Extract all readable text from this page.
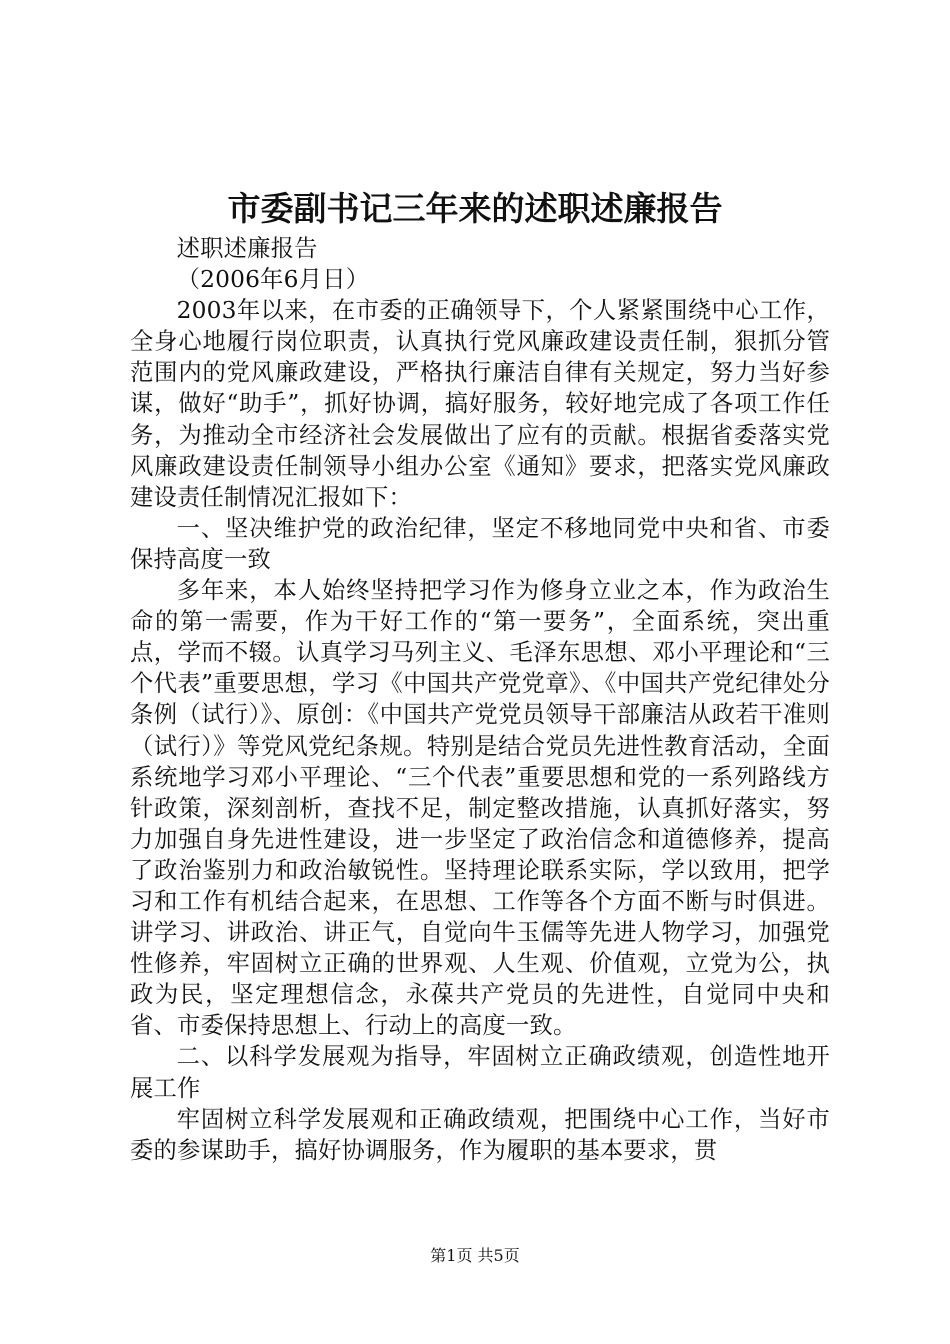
市委副书记三年来的述职述廉报告

述职述廉报告

（2006年6月日）

2003年以来，在市委的正确领导下，个人紧紧围绕中心工作，全身心地履行岗位职责，认真执行党风廉政建设责任制，狠抓分管范围内的党风廉政建设，严格执行廉洁自律有关规定，努力当好参谋，做好“助手”，抓好协调，搞好服务，较好地完成了各项工作任务，为推动全市经济社会发展做出了应有的贡献。根据省委落实党风廉政建设责任制领导小组办公室《通知》要求，把落实党风廉政建设责任制情况汇报如下：

一、坚决维护党的政治纪律，坚定不移地同党中央和省、市委保持高度一致

多年来，本人始终坚持把学习作为修身立业之本，作为政治生命的第一需要，作为干好工作的“第一要务”，全面系统，突出重点，学而不辍。认真学习马列主义、毛泽东思想、邓小平理论和“三个代表”重要思想，学习《中国共产党党章》、《中国共产党纪律处分条例（试行）》、原创：《中国共产党党员领导干部廉洁从政若干准则（试行）》等党风党纪条规。特别是结合党员先进性教育活动，全面系统地学习邓小平理论、“三个代表”重要思想和党的一系列路线方针政策，深刻剖析，查找不足，制定整改措施，认真抓好落实，努力加强自身先进性建设，进一步坚定了政治信念和道德修养，提高了政治鉴别力和政治敏锐性。坚持理论联系实际，学以致用，把学习和工作有机结合起来，在思想、工作等各个方面不断与时俱进。讲学习、讲政治、讲正气，自觉向牛玉儒等先进人物学习，加强党性修养，牢固树立正确的世界观、人生观、价值观，立党为公，执政为民，坚定理想信念，永葆共产党员的先进性，自觉同中央和省、市委保持思想上、行动上的高度一致。

二、以科学发展观为指导，牢固树立正确政绩观，创造性地开展工作

牢固树立科学发展观和正确政绩观，把围绕中心工作，当好市委的参谋助手，搞好协调服务，作为履职的基本要求，贯

第1页 共5页
